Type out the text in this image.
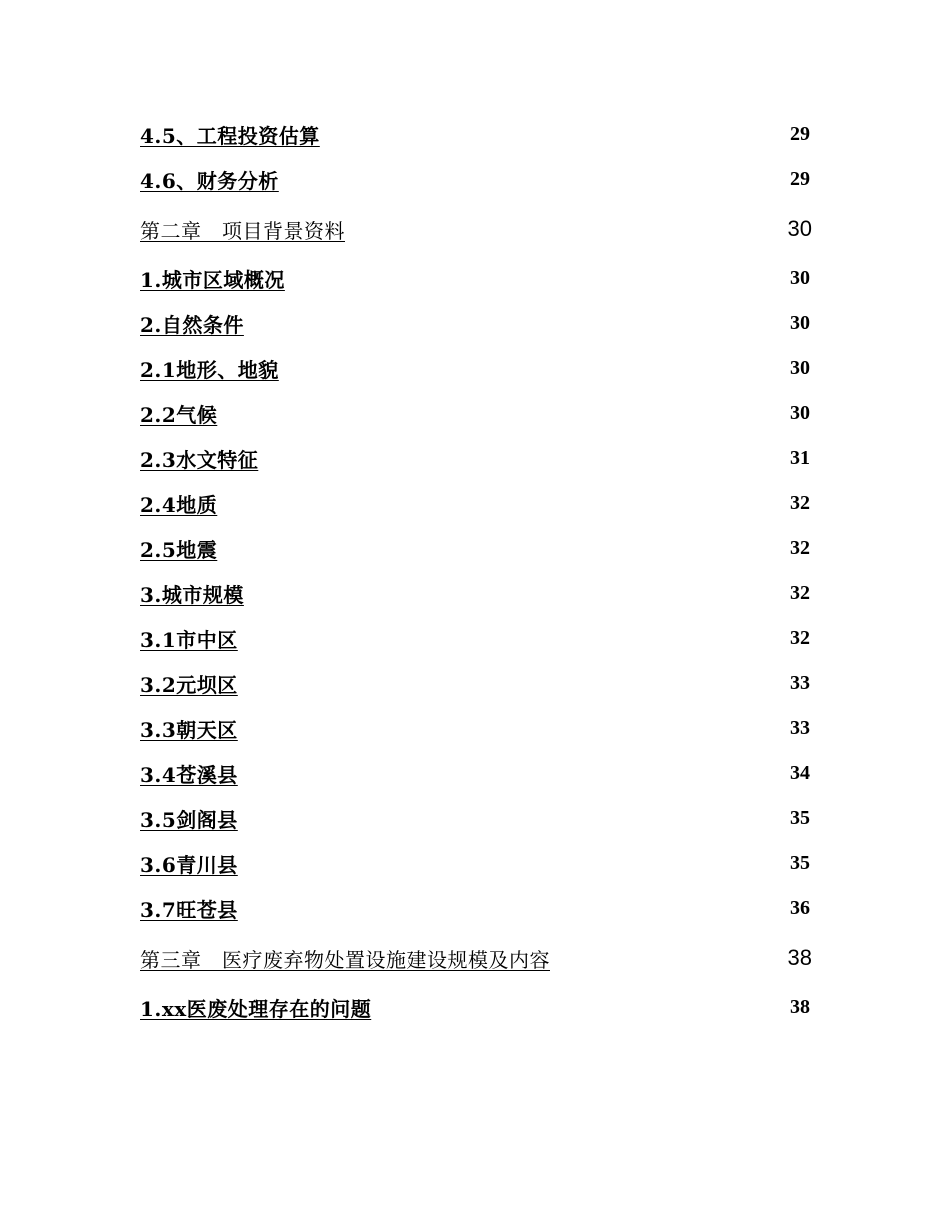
4.5、工程投资估算	29
4.6、财务分析	29
第二章　项目背景资料	30
1.城市区域概况	30
2.自然条件	30
2.1地形、地貌	30
2.2气候	30
2.3水文特征	31
2.4地质	32
2.5地震	32
3.城市规模	32
3.1市中区	32
3.2元坝区	33
3.3朝天区	33
3.4苍溪县	34
3.5剑阁县	35
3.6青川县	35
3.7旺苍县	36
第三章　医疗废弃物处置设施建设规模及内容	38
1.xx医废处理存在的问题	38
